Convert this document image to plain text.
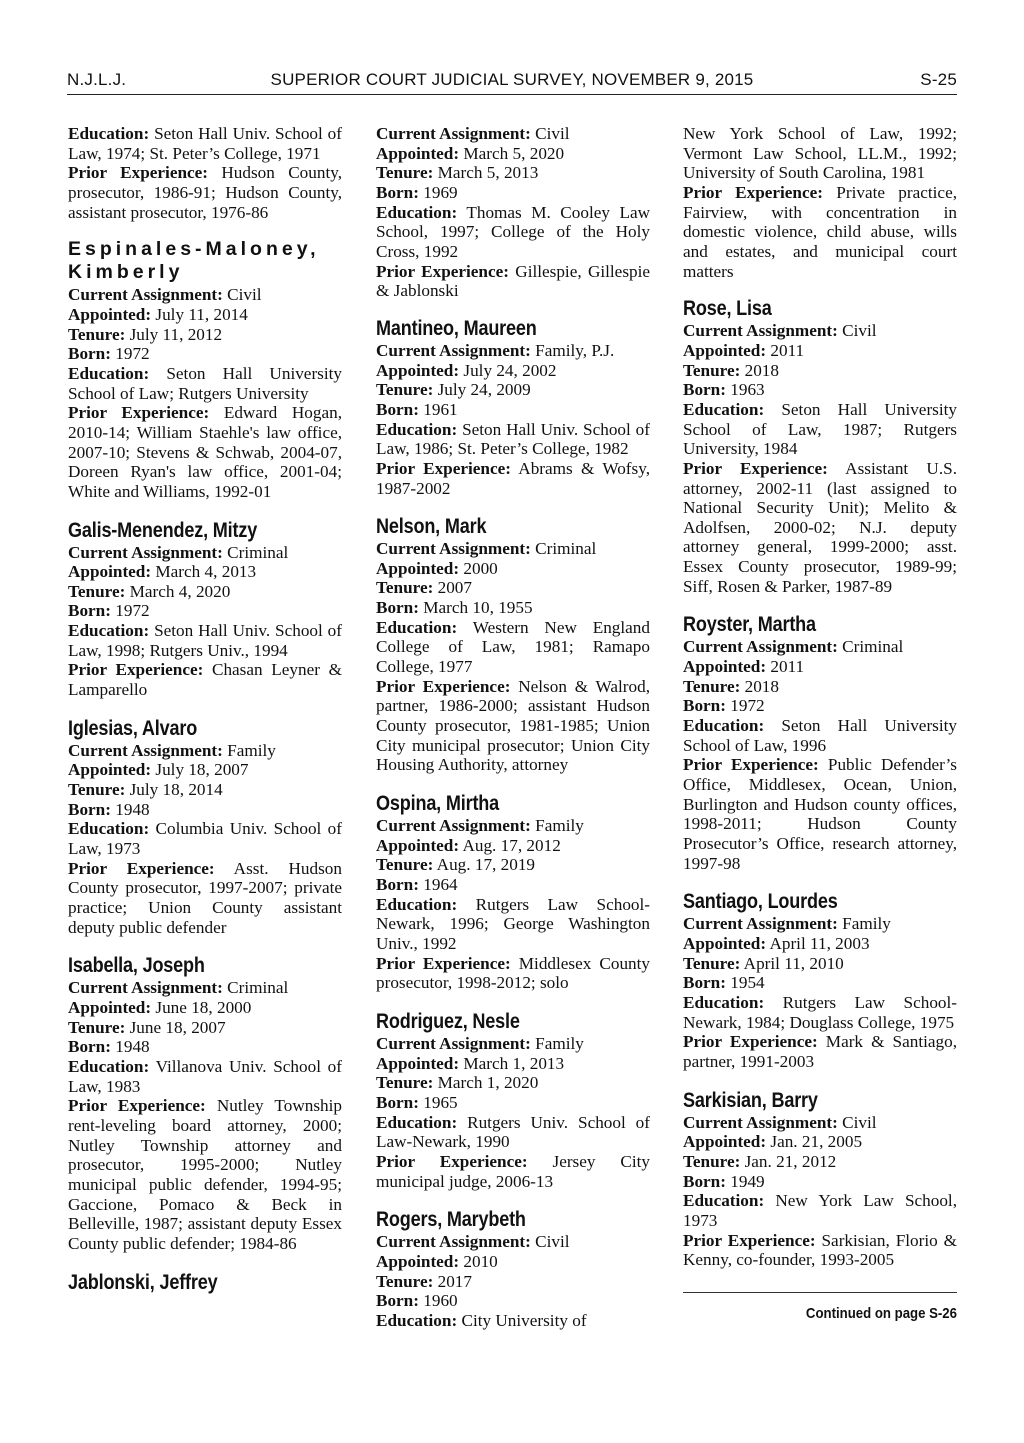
N.J.L.J.	SUPERIOR COURT JUDICIAL SURVEY, NOVEMBER 9, 2015	S-25
Education: Seton Hall Univ. School of Law, 1974; St. Peter’s College, 1971
Prior Experience: Hudson County, prosecutor, 1986-91; Hudson County, assistant prosecutor, 1976-86
Espinales-Maloney, Kimberly
Current Assignment: Civil
Appointed: July 11, 2014
Tenure: July 11, 2012
Born: 1972
Education: Seton Hall University School of Law; Rutgers University
Prior Experience: Edward Hogan, 2010-14; William Staehle's law office, 2007-10; Stevens & Schwab, 2004-07, Doreen Ryan's law office, 2001-04; White and Williams, 1992-01
Galis-Menendez, Mitzy
Current Assignment: Criminal
Appointed: March 4, 2013
Tenure: March 4, 2020
Born: 1972
Education: Seton Hall Univ. School of Law, 1998; Rutgers Univ., 1994
Prior Experience: Chasan Leyner & Lamparello
Iglesias, Alvaro
Current Assignment: Family
Appointed: July 18, 2007
Tenure: July 18, 2014
Born: 1948
Education: Columbia Univ. School of Law, 1973
Prior Experience: Asst. Hudson County prosecutor, 1997-2007; private practice; Union County assistant deputy public defender
Isabella, Joseph
Current Assignment: Criminal
Appointed: June 18, 2000
Tenure: June 18, 2007
Born: 1948
Education: Villanova Univ. School of Law, 1983
Prior Experience: Nutley Township rent-leveling board attorney, 2000; Nutley Township attorney and prosecutor, 1995-2000; Nutley municipal public defender, 1994-95; Gaccione, Pomaco & Beck in Belleville, 1987; assistant deputy Essex County public defender; 1984-86
Jablonski, Jeffrey
Current Assignment: Civil
Appointed: March 5, 2020
Tenure: March 5, 2013
Born: 1969
Education: Thomas M. Cooley Law School, 1997; College of the Holy Cross, 1992
Prior Experience: Gillespie, Gillespie & Jablonski
Mantineo, Maureen
Current Assignment: Family, P.J.
Appointed: July 24, 2002
Tenure: July 24, 2009
Born: 1961
Education: Seton Hall Univ. School of Law, 1986; St. Peter’s College, 1982
Prior Experience: Abrams & Wofsy, 1987-2002
Nelson, Mark
Current Assignment: Criminal
Appointed: 2000
Tenure: 2007
Born: March 10, 1955
Education: Western New England College of Law, 1981; Ramapo College, 1977
Prior Experience: Nelson & Walrod, partner, 1986-2000; assistant Hudson County prosecutor, 1981-1985; Union City municipal prosecutor; Union City Housing Authority, attorney
Ospina, Mirtha
Current Assignment: Family
Appointed: Aug. 17, 2012
Tenure: Aug. 17, 2019
Born: 1964
Education: Rutgers Law School-Newark, 1996; George Washington Univ., 1992
Prior Experience: Middlesex County prosecutor, 1998-2012; solo
Rodriguez, Nesle
Current Assignment: Family
Appointed: March 1, 2013
Tenure: March 1, 2020
Born: 1965
Education: Rutgers Univ. School of Law-Newark, 1990
Prior Experience: Jersey City municipal judge, 2006-13
Rogers, Marybeth
Current Assignment: Civil
Appointed: 2010
Tenure: 2017
Born: 1960
Education: City University of
New York School of Law, 1992; Vermont Law School, LL.M., 1992; University of South Carolina, 1981
Prior Experience: Private practice, Fairview, with concentration in domestic violence, child abuse, wills and estates, and municipal court matters
Rose, Lisa
Current Assignment: Civil
Appointed: 2011
Tenure: 2018
Born: 1963
Education: Seton Hall University School of Law, 1987; Rutgers University, 1984
Prior Experience: Assistant U.S. attorney, 2002-11 (last assigned to National Security Unit); Melito & Adolfsen, 2000-02; N.J. deputy attorney general, 1999-2000; asst. Essex County prosecutor, 1989-99; Siff, Rosen & Parker, 1987-89
Royster, Martha
Current Assignment: Criminal
Appointed: 2011
Tenure: 2018
Born: 1972
Education: Seton Hall University School of Law, 1996
Prior Experience: Public Defender’s Office, Middlesex, Ocean, Union, Burlington and Hudson county offices, 1998-2011; Hudson County Prosecutor’s Office, research attorney, 1997-98
Santiago, Lourdes
Current Assignment: Family
Appointed: April 11, 2003
Tenure: April 11, 2010
Born: 1954
Education: Rutgers Law School-Newark, 1984; Douglass College, 1975
Prior Experience: Mark & Santiago, partner, 1991-2003
Sarkisian, Barry
Current Assignment: Civil
Appointed: Jan. 21, 2005
Tenure: Jan. 21, 2012
Born: 1949
Education: New York Law School, 1973
Prior Experience: Sarkisian, Florio & Kenny, co-founder, 1993-2005
Continued on page S-26
